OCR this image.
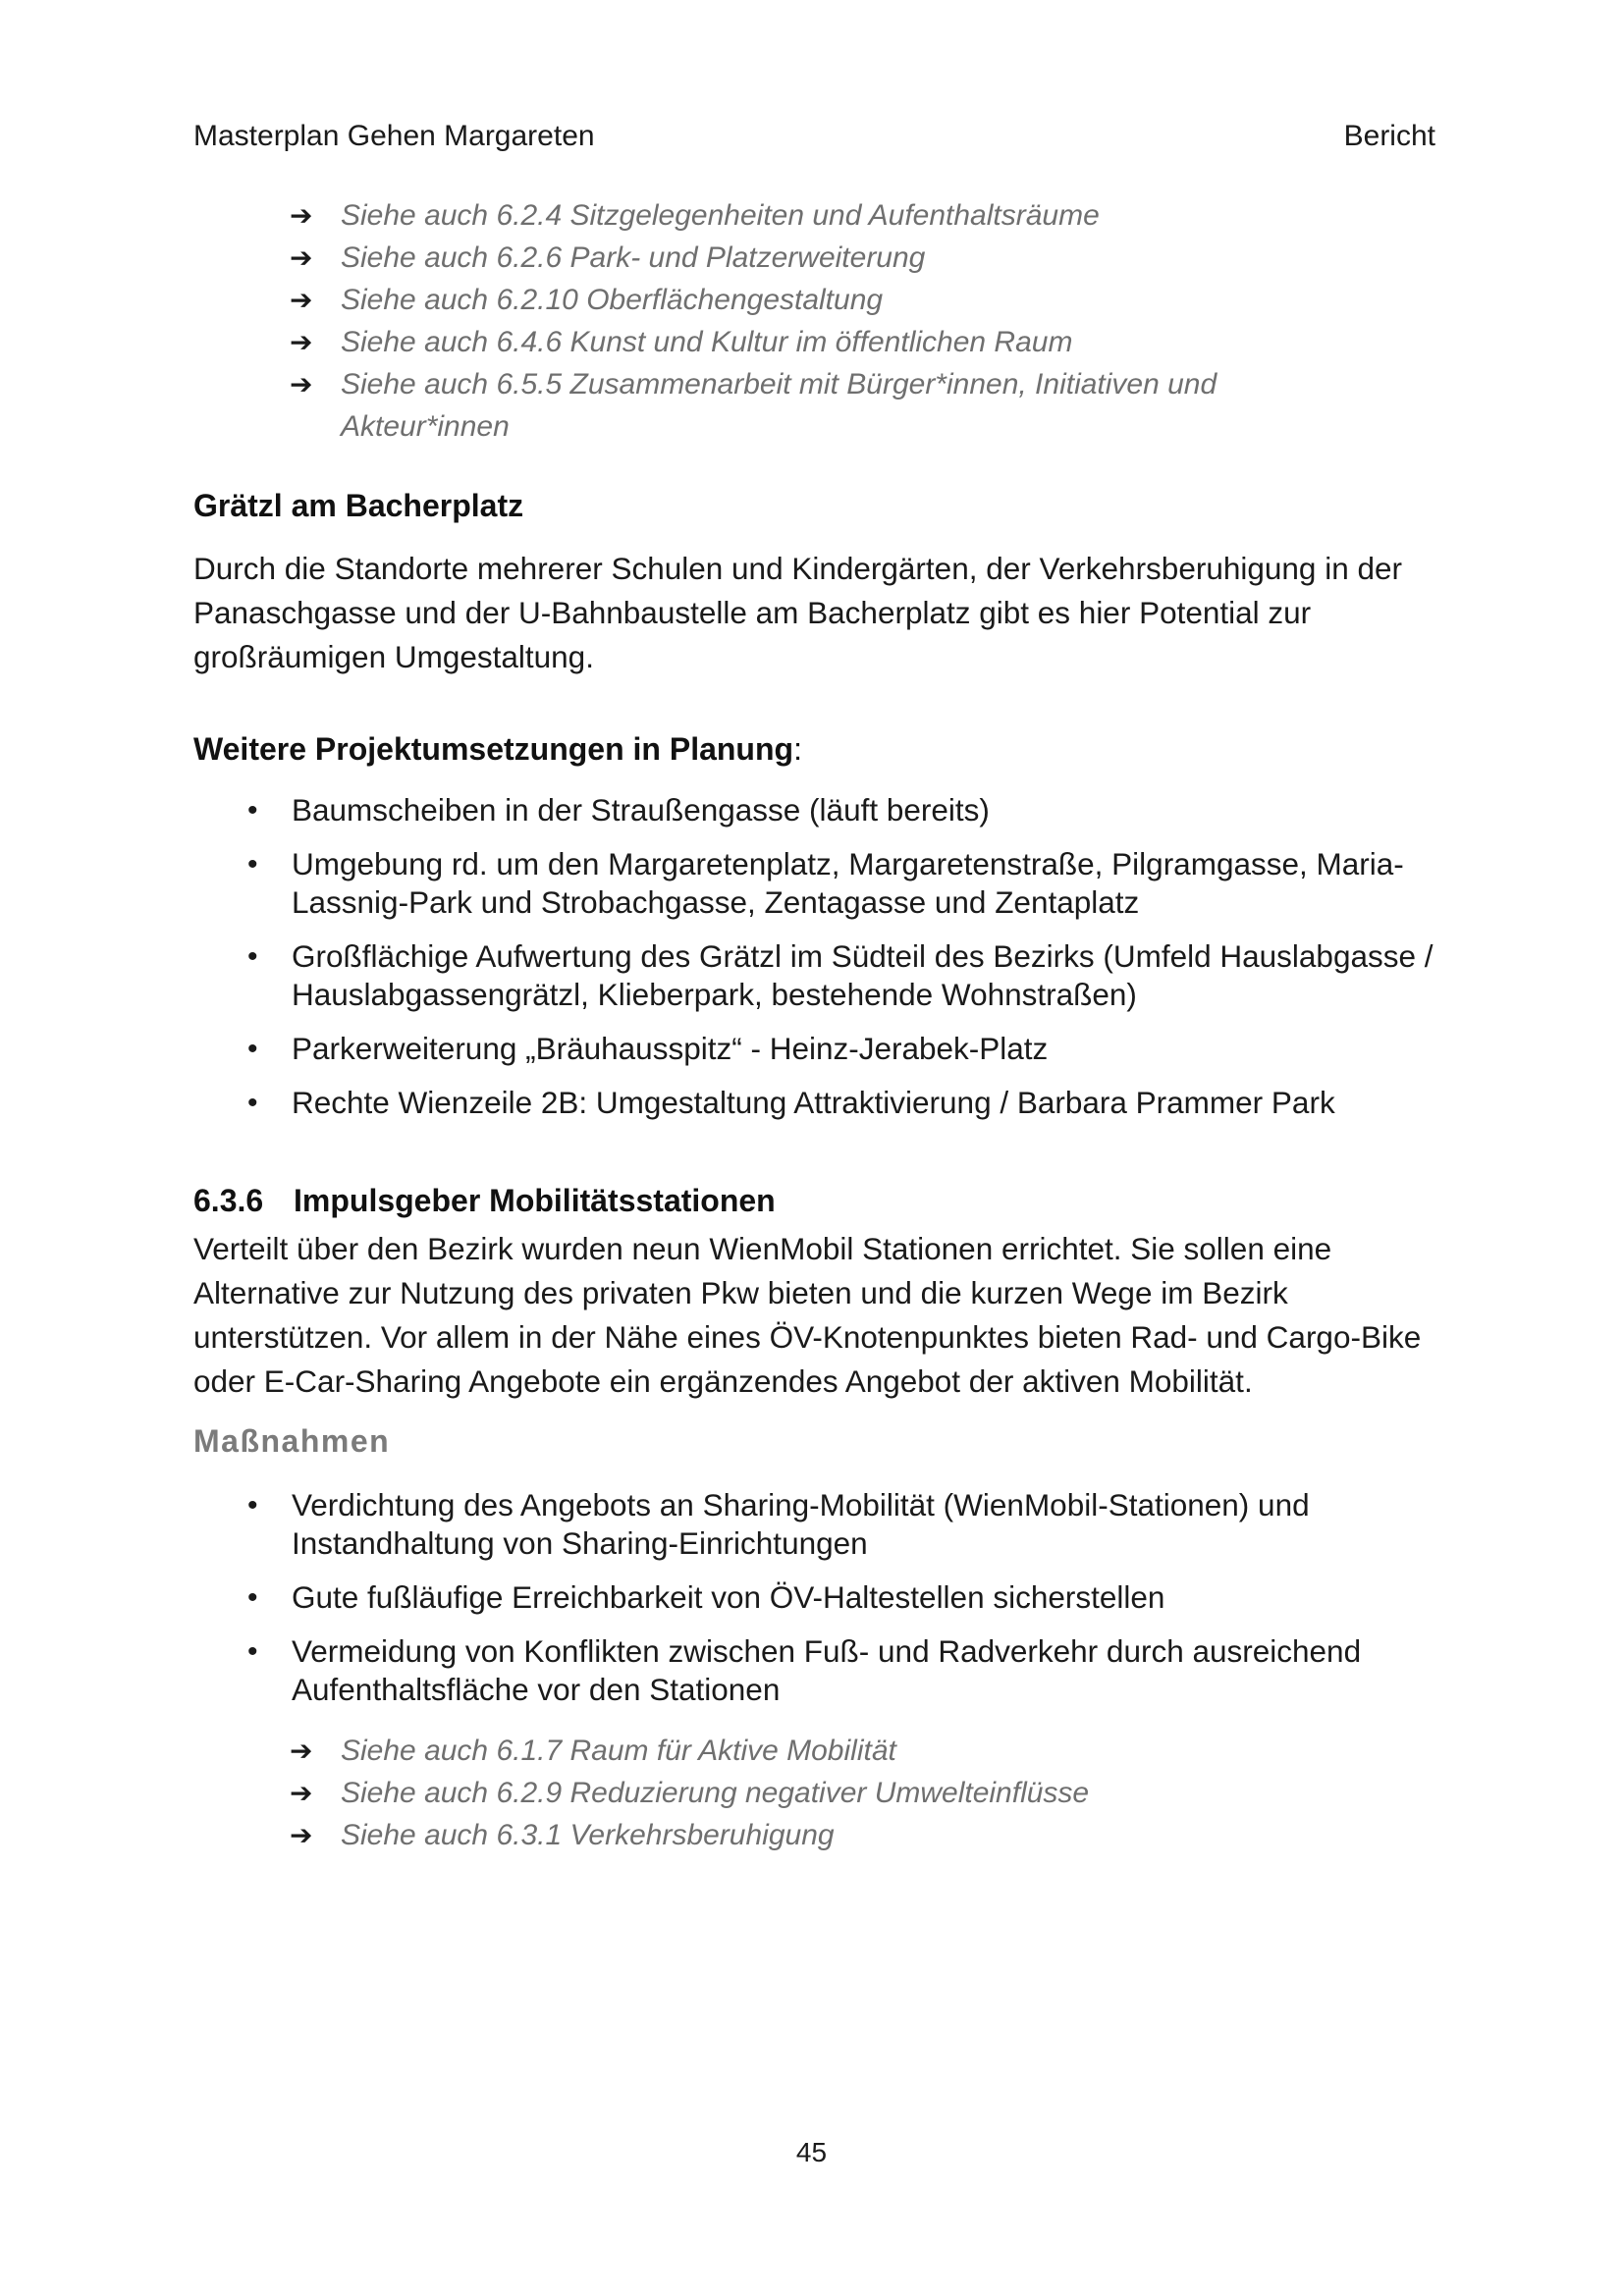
Masterplan Gehen Margareten	Bericht
➔ Siehe auch 6.2.4 Sitzgelegenheiten und Aufenthaltsräume
➔ Siehe auch 6.2.6 Park- und Platzerweiterung
➔ Siehe auch 6.2.10 Oberflächengestaltung
➔ Siehe auch 6.4.6 Kunst und Kultur im öffentlichen Raum
➔ Siehe auch 6.5.5 Zusammenarbeit mit Bürger*innen, Initiativen und Akteur*innen
Grätzl am Bacherplatz

Durch die Standorte mehrerer Schulen und Kindergärten, der Verkehrsberuhigung in der Panaschgasse und der U-Bahnbaustelle am Bacherplatz gibt es hier Potential zur großräumigen Umgestaltung.

Weitere Projektumsetzungen in Planung:
• Baumscheiben in der Straußengasse (läuft bereits)
• Umgebung rd. um den Margaretenplatz, Margaretenstraße, Pilgramgasse, Maria-Lassnig-Park und Strobachgasse, Zentagasse und Zentaplatz
• Großflächige Aufwertung des Grätzl im Südteil des Bezirks (Umfeld Hauslabgasse / Hauslabgassengrätzl, Klieberpark, bestehende Wohnstraßen)
• Parkerweiterung „Bräuhausspitz“ - Heinz-Jerabek-Platz
• Rechte Wienzeile 2B: Umgestaltung Attraktivierung / Barbara Prammer Park
6.3.6 Impulsgeber Mobilitätsstationen

Verteilt über den Bezirk wurden neun WienMobil Stationen errichtet. Sie sollen eine Alternative zur Nutzung des privaten Pkw bieten und die kurzen Wege im Bezirk unterstützen. Vor allem in der Nähe eines ÖV-Knotenpunktes bieten Rad- und Cargo-Bike oder E-Car-Sharing Angebote ein ergänzendes Angebot der aktiven Mobilität.

Maßnahmen
• Verdichtung des Angebots an Sharing-Mobilität (WienMobil-Stationen) und Instandhaltung von Sharing-Einrichtungen
• Gute fußläufige Erreichbarkeit von ÖV-Haltestellen sicherstellen
• Vermeidung von Konflikten zwischen Fuß- und Radverkehr durch ausreichend Aufenthaltsfläche vor den Stationen
➔ Siehe auch 6.1.7 Raum für Aktive Mobilität
➔ Siehe auch 6.2.9 Reduzierung negativer Umwelteinflüsse
➔ Siehe auch 6.3.1 Verkehrsberuhigung
45
